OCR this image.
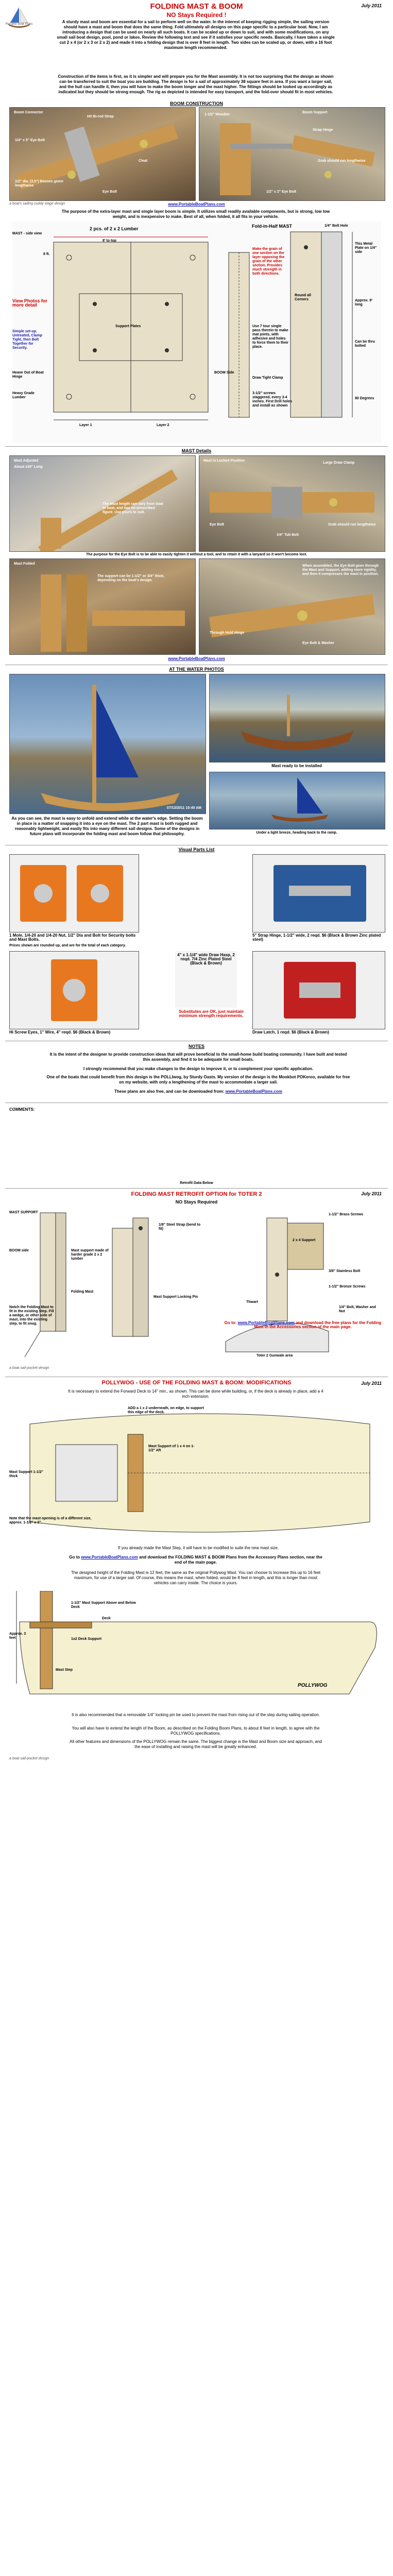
Portable Boat Plans
FOLDING MAST & BOOM	July 2011
NO Stays Required !
A sturdy mast and boom are essential for a sail to perform well on the water. In the interest of keeping rigging simple, the sailing version should have a mast and boom that does the same thing. Fold ultimately all designs on this page specific to a particular boat. Now, I am introducing a design that can be used on nearly all such boats. It can be scaled up or down to suit, and with some modifications, on any small sail boat design, pool, pond or lakes. Review the following text and see if it satisfies your specific needs. Basically, I have taken a single cut 2 x 4 (or 2 x 3 or 2 x 2) and made it into a folding design that is over 8 feet in length. Two sides can be scaled up, or down, with a 16 foot maximum length recommended.
Construction of the items is first, as it is simpler and will prepare you for the Mast assembly. It is not too surprising that the design as shown can be transferred to suit the boat you are building. The design is for a sail of approximately 38 square feet in area. If you want a larger sail, and the hull can handle it, then you will have to make the boom longer and the mast higher. The fittings should be looked up accordingly as indicated but they should be strong enough. The rig as depicted is intended for easy transport, and the fold-over should fit in most vehicles.
BOOM CONSTRUCTION
Boom Connector
Hit Bi-rod Strap
1/4" x 5" Eye Bolt
Cleat
1/2" dia. (3.5") Bosses given lengthwise
Eye Bolt
Boom Support
1-1/2" Wooden
Strap Hinge
Grab should run lengthwise
1/2" x 2" Eye Bolt
a boat's sailing cuddy stage design	www.PortableBoatPlans.com
The purpose of the extra-layer mast and single layer boom is simple. It utilizes small readily available components, but is strong, low low weight, and is inexpensive to make. Best of all, when folded, it all fits in your vehicle.
View Photos for more detail
2 pcs. of 2 x 2 Lumber
8' to top
Fold-in-Half MAST
MAST - side view
Simple set-up. Untreated, Clamp Tight, then Bolt Together for Security.
Make the grain of one section on the layer opposing the grain of the other section. Provides much strength in both directions.
Use 7 tour single pass therein to make mat joints, with adhesive and holes to force them to their place.
Support Plates
Layer 1	Layer 2
Heave Out of Boat Hinge
Heavy Grade Lumber
BOOM Side
Draw Tight Clamp
3-1/2" screws staggered, every 3-4 inches. First Drill holes and install as shown
1/4" Bolt Hole
This Metal Plate on 1/4" side
Round all Corners	Approx. 9' long
Can be thru bolted
90 Degrees
8 ft.
MAST Details
Mast Adjusted
About 140° Long
The Mast length can vary from boat to boat, and has no prescribed figure. Use yours to suit.
Mast in Locked Position
Large Draw Clamp
Eye Bolt
1/4" Tub Bolt
Grab should run lengthwise
The purpose for the Eye Bolt is to be able to easily tighten it without a tool, and to retain it with a lanyard so it won't become lost.
Mast Folded
The support can be 1-1/2" or 3/4" thick, depending on the boat's design.
When assembled, the Eye Bolt goes through the Mast and Support, adding more rigidity, and then it compresses the mast in position.
Through Hold Hinge
Eye Bolt & Washer
www.PortableBoatPlans.com
AT THE WATER PHOTOS
07/13/2011 10:45 AM
Mast ready to be installed
Under a light breeze, heading back to the ramp.
As you can see, the mast is easy to unfold and extend while at the water's edge. Setting the boom in place is a matter of snapping it into a eye on the mast. The 2 part mast is both rugged and reasonably lightweight, and easily fits into many different sail designs. Some of the designs in future plans will incorporate the folding mast and boom follow that philosophy.
Visual Parts List
1 Mole, 1/4-20 and 1/4-20 Nut, 1/2" Dia and Bolt for Security bolts and Mast Bolts.
Prices shown are rounded up, and are for the total of each category.
5" Strap Hinge, 1-1/2" wide, 2 reqd. $6 (Black & Brown Zinc plated steel)
4" x 1-1/4" wide Draw Hasp, 2 reqd. 7/4 Zinc Plated Steel (Black & Brown)
Substitutes are OK, just maintain minimum strength requirements.
Hi Screw Eyes, 1" Wire, 4" reqd. $6 (Black & Brown)	Draw Latch, 1 reqd. $6 (Black & Brown)
NOTES
It is the intent of the designer to provide construction ideas that will prove beneficial to the small-home build boating community. I have built and tested this assembly, and find it to be adequate for small boats.
I strongly recommend that you make changes to the design to improve it, or to complement your specific application.
One of the boats that could benefit from this design is the POLLIwog, by Sturdy Oasts. My version of the design is the Mookbot POKeroo, available for free on my website, with only a lengthening of the mast to accommodate a larger sail.
These plans are also free, and can be downloaded from: www.PortableBoatPlans.com
COMMENTS:
Retrofit Data Below
FOLDING MAST RETROFIT OPTION for TOTER 2
NO Stays Required
July 2011
MAST SUPPORT
BOOM side
1/8" Steel Strap (bend to fit)
Mast support made of harder grade 2 x 2 lumber
2 x 4 Support
Folding Mast
Mast Support Locking Pin
Thwart
Notch the Folding Mast to fit in the existing Step. Fill a wedge, or other side of mast, into the existing step, to fit snug.
1/4" Bolt, Washer and Nut
Toter 2 Gunwale area
1-1/2" Brass Screws
3/8" Stainless Bolt
1-1/2" Bronze Screws
Go to: www.PortableBoatPlans.com and download the free plans for the Folding Mast in the Accessories section of the main page.
a boat sail-pocket design
POLLYWOG - USE OF THE FOLDING MAST & BOOM: MODIFICATIONS	July 2011
It is necessary to extend the Forward Deck to 14" min., as shown. This can be done while building, or, if the deck is already in place, add a 4 inch extension.
ADD a 1 x 2 underneath, on edge, to support this edge of the deck.
Mast Support 1-1/2" thick
Mast Support of 1 x 4 on 1-1/2" Aft
Note that the mast opening is of a different size, approx. 1-1/2" x 3".
If you already made the Mast Step, it will have to be modified to suite the new mast size.
Go to www.PortableBoatPlans.com and download the FOLDING MAST & BOOM Plans from the Accessory Plans section, near the end of the main page.
The designed height of the Folding Mast is 12 feet, the same as the original Pollywog Mast. You can choose to increase this up to 16 feet maximum, for use of a larger sail. Of course, this means the mast, when folded, would be 8 feet in length, and this is longer than most vehicles can carry inside. The choice is yours.
Approx. 3 feet
Deck
1-1/2" Mast Support Above and Below Deck
1x2 Deck Support
Mast Step
POLLYWOG
It is also recommended that a removable 1/4" locking pin be used to prevent the mast from rising out of the step during sailing operation.
You will also have to extend the length of the Boom, as described on the Folding Boom Plans, to about 8 feet in length, to agree with the POLLYWOG specifications.
All other features and dimensions of the POLLYWOG remain the same. The biggest change is the Mast and Boom size and approach, and the ease of installing and raising the mast will be greatly enhanced.
a boat sail-pocket design
